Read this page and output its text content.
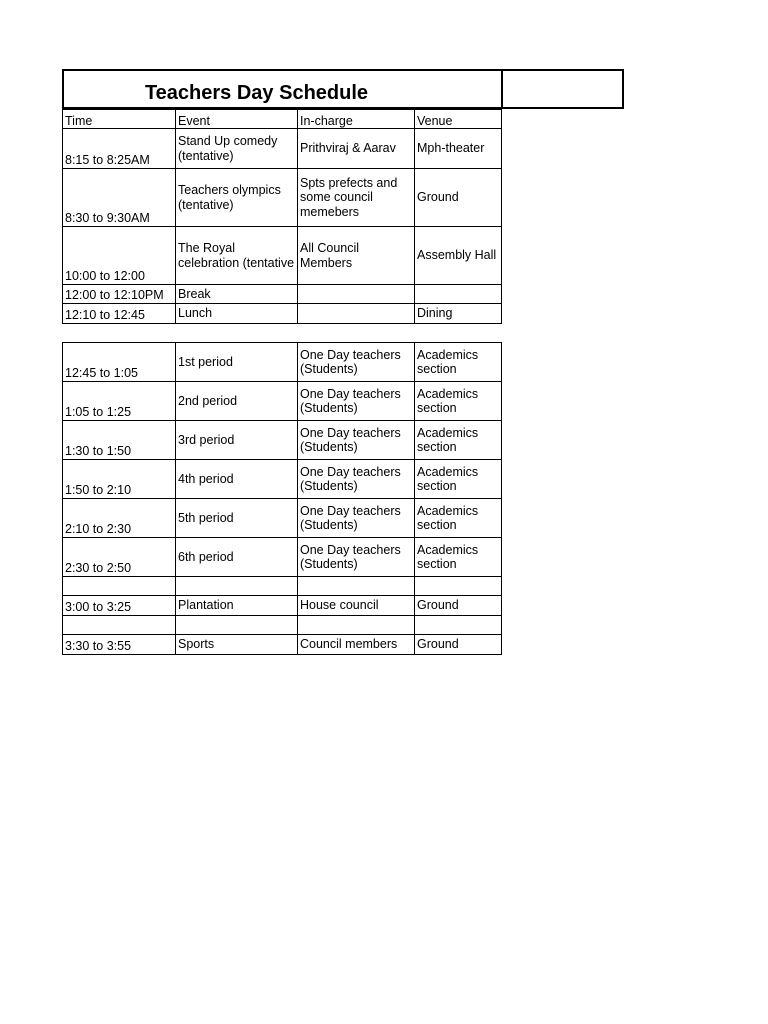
Teachers Day Schedule
Time	Event	In-charge	Venue
8:15 to 8:25AM	Stand Up comedy (tentative)	Prithviraj & Aarav	Mph-theater
8:30 to 9:30AM	Teachers olympics (tentative)	Spts prefects and some council memebers	Ground
10:00 to 12:00	The Royal celebration (tentative	All Council Members	Assembly Hall
12:00 to 12:10PM	Break		
12:10 to 12:45	Lunch		Dining
12:45 to 1:05	1st period	One Day teachers (Students)	Academics section
1:05 to 1:25	2nd period	One Day teachers (Students)	Academics section
1:30 to 1:50	3rd period	One Day teachers (Students)	Academics section
1:50 to 2:10	4th period	One Day teachers (Students)	Academics section
2:10 to 2:30	5th period	One Day teachers (Students)	Academics section
2:30 to 2:50	6th period	One Day teachers (Students)	Academics section

3:00 to 3:25	Plantation	House council	Ground

3:30 to 3:55	Sports	Council members	Ground
